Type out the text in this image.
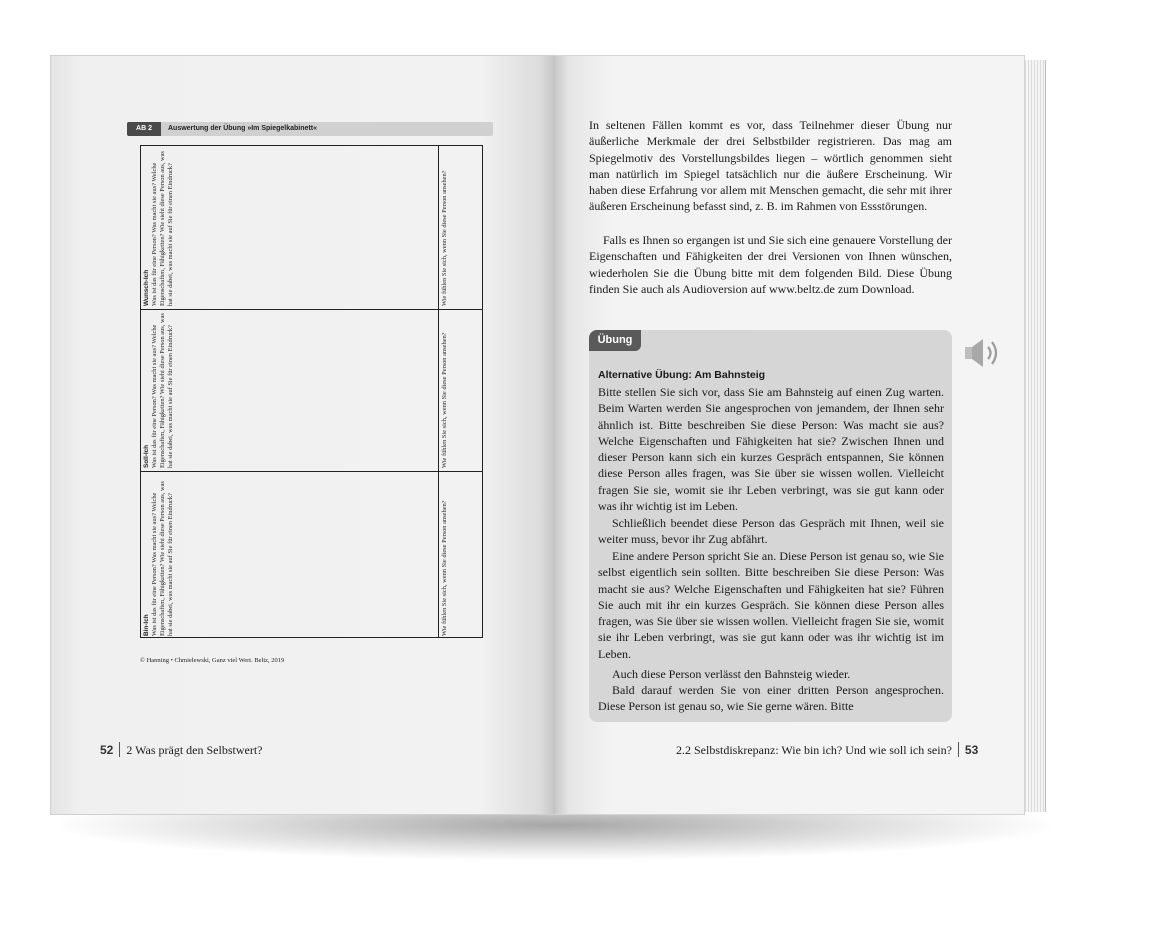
AB 2	Auswertung der Übung »Im Spiegelkabinett«
Bin-Ich
Was ist das für eine Person? Was macht sie aus? Welche Eigenschaften, Fähigkeiten? Wie sieht diese Person aus, was hat sie dabei, was macht sie auf Sie für einen Eindruck?	Wie fühlen Sie sich, wenn Sie diese Person ansehen?
Soll-Ich
Was ist das für eine Person? Was macht sie aus? Welche Eigenschaften, Fähigkeiten? Wie sieht diese Person aus, was hat sie dabei, was macht sie auf Sie für einen Eindruck?	Wie fühlen Sie sich, wenn Sie diese Person ansehen?
Wunsch-Ich
Was ist das für eine Person? Was macht sie aus? Welche Eigenschaften, Fähigkeiten? Wie sieht diese Person aus, was hat sie dabei, was macht sie auf Sie für einen Eindruck?	Wie fühlen Sie sich, wenn Sie diese Person ansehen?
© Hanning • Chmielewski, Ganz viel Wert. Beltz, 2019
52 2 Was prägt den Selbstwert?
In seltenen Fällen kommt es vor, dass Teilnehmer dieser Übung nur äußerliche Merkmale der drei Selbstbilder registrieren. Das mag am Spiegelmotiv des Vorstellungsbildes liegen – wörtlich genommen sieht man natürlich im Spiegel tatsächlich nur die äußere Erscheinung. Wir haben diese Erfahrung vor allem mit Menschen gemacht, die sehr mit ihrer äußeren Erscheinung befasst sind, z. B. im Rahmen von Essstörungen.
Falls es Ihnen so ergangen ist und Sie sich eine genauere Vorstellung der Eigenschaften und Fähigkeiten der drei Versionen von Ihnen wünschen, wiederholen Sie die Übung bitte mit dem folgenden Bild. Diese Übung finden Sie auch als Audioversion auf www.beltz.de zum Download.
Übung
Alternative Übung: Am Bahnsteig
Bitte stellen Sie sich vor, dass Sie am Bahnsteig auf einen Zug warten. Beim Warten werden Sie angesprochen von jemandem, der Ihnen sehr ähnlich ist. Bitte beschreiben Sie diese Person: Was macht sie aus? Welche Eigenschaften und Fähigkeiten hat sie? Zwischen Ihnen und dieser Person kann sich ein kurzes Gespräch entspannen, Sie können diese Person alles fragen, was Sie über sie wissen wollen. Vielleicht fragen Sie sie, womit sie ihr Leben verbringt, was sie gut kann oder was ihr wichtig ist im Leben.
Schließlich beendet diese Person das Gespräch mit Ihnen, weil sie weiter muss, bevor ihr Zug abfährt.
Eine andere Person spricht Sie an. Diese Person ist genau so, wie Sie selbst eigentlich sein sollten. Bitte beschreiben Sie diese Person: Was macht sie aus? Welche Eigenschaften und Fähigkeiten hat sie? Führen Sie auch mit ihr ein kurzes Gespräch. Sie können diese Person alles fragen, was Sie über sie wissen wollen. Vielleicht fragen Sie sie, womit sie ihr Leben verbringt, was sie gut kann oder was ihr wichtig ist im Leben.
Auch diese Person verlässt den Bahnsteig wieder.
Bald darauf werden Sie von einer dritten Person angesprochen. Diese Person ist genau so, wie Sie gerne wären. Bitte
2.2 Selbstdiskrepanz: Wie bin ich? Und wie soll ich sein? 53
